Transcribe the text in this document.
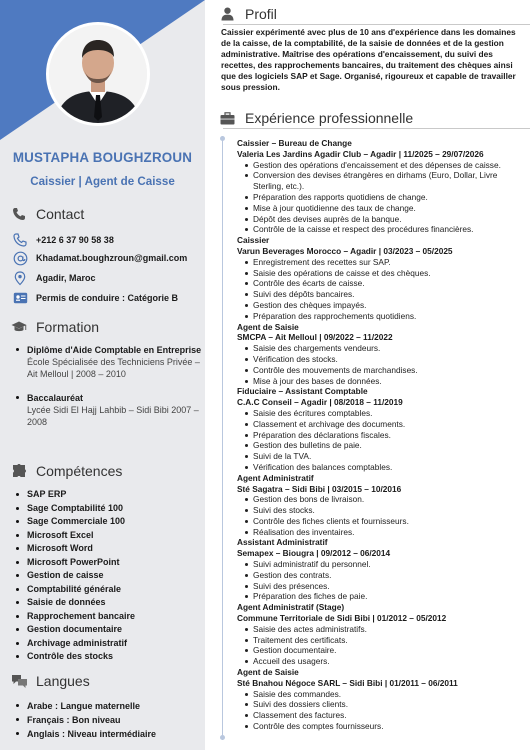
MUSTAPHA BOUGHZROUN
Caissier | Agent de Caisse
Contact
+212 6 37 90 58 38
Khadamat.boughzroun@gmail.com
Agadir, Maroc
Permis de conduire : Catégorie B
Formation
Diplôme d'Aide Comptable en Entreprise
École Spécialisée des Techniciens Privée – Ait Melloul | 2008 – 2010
Baccalauréat
Lycée Sidi El Hajj Lahbib – Sidi Bibi 2007 – 2008
Compétences
SAP ERP
Sage Comptabilité 100
Sage Commerciale 100
Microsoft Excel
Microsoft Word
Microsoft PowerPoint
Gestion de caisse
Comptabilité générale
Saisie de données
Rapprochement bancaire
Gestion documentaire
Archivage administratif
Contrôle des stocks
Langues
Arabe : Langue maternelle
Français : Bon niveau
Anglais : Niveau intermédiaire
Profil
Caissier expérimenté avec plus de 10 ans d'expérience dans les domaines de la caisse, de la comptabilité, de la saisie de données et de la gestion administrative. Maîtrise des opérations d'encaissement, du suivi des recettes, des rapprochements bancaires, du traitement des chèques ainsi que des logiciels SAP et Sage. Organisé, rigoureux et capable de travailler sous pression.
Expérience professionnelle
Caissier – Bureau de Change
Valeria Les Jardins Agadir Club – Agadir | 11/2025 – 29/07/2026
Gestion des opérations d'encaissement et des dépenses de caisse.
Conversion des devises étrangères en dirhams (Euro, Dollar, Livre Sterling, etc.).
Préparation des rapports quotidiens de change.
Mise à jour quotidienne des taux de change.
Dépôt des devises auprès de la banque.
Contrôle de la caisse et respect des procédures financières.
Caissier
Varun Beverages Morocco – Agadir | 03/2023 – 05/2025
Enregistrement des recettes sur SAP.
Saisie des opérations de caisse et des chèques.
Contrôle des écarts de caisse.
Suivi des dépôts bancaires.
Gestion des chèques impayés.
Préparation des rapprochements quotidiens.
Agent de Saisie
SMCPA – Ait Melloul | 09/2022 – 11/2022
Saisie des chargements vendeurs.
Vérification des stocks.
Contrôle des mouvements de marchandises.
Mise à jour des bases de données.
Fiduciaire – Assistant Comptable
C.A.C Conseil – Agadir | 08/2018 – 11/2019
Saisie des écritures comptables.
Classement et archivage des documents.
Préparation des déclarations fiscales.
Gestion des bulletins de paie.
Suivi de la TVA.
Vérification des balances comptables.
Agent Administratif
Sté Sagatra – Sidi Bibi | 03/2015 – 10/2016
Gestion des bons de livraison.
Suivi des stocks.
Contrôle des fiches clients et fournisseurs.
Réalisation des inventaires.
Assistant Administratif
Semapex – Biougra | 09/2012 – 06/2014
Suivi administratif du personnel.
Gestion des contrats.
Suivi des présences.
Préparation des fiches de paie.
Agent Administratif (Stage)
Commune Territoriale de Sidi Bibi | 01/2012 – 05/2012
Saisie des actes administratifs.
Traitement des certificats.
Gestion documentaire.
Accueil des usagers.
Agent de Saisie
Sté Bnahou Négoce SARL – Sidi Bibi | 01/2011 – 06/2011
Saisie des commandes.
Suivi des dossiers clients.
Classement des factures.
Contrôle des comptes fournisseurs.
